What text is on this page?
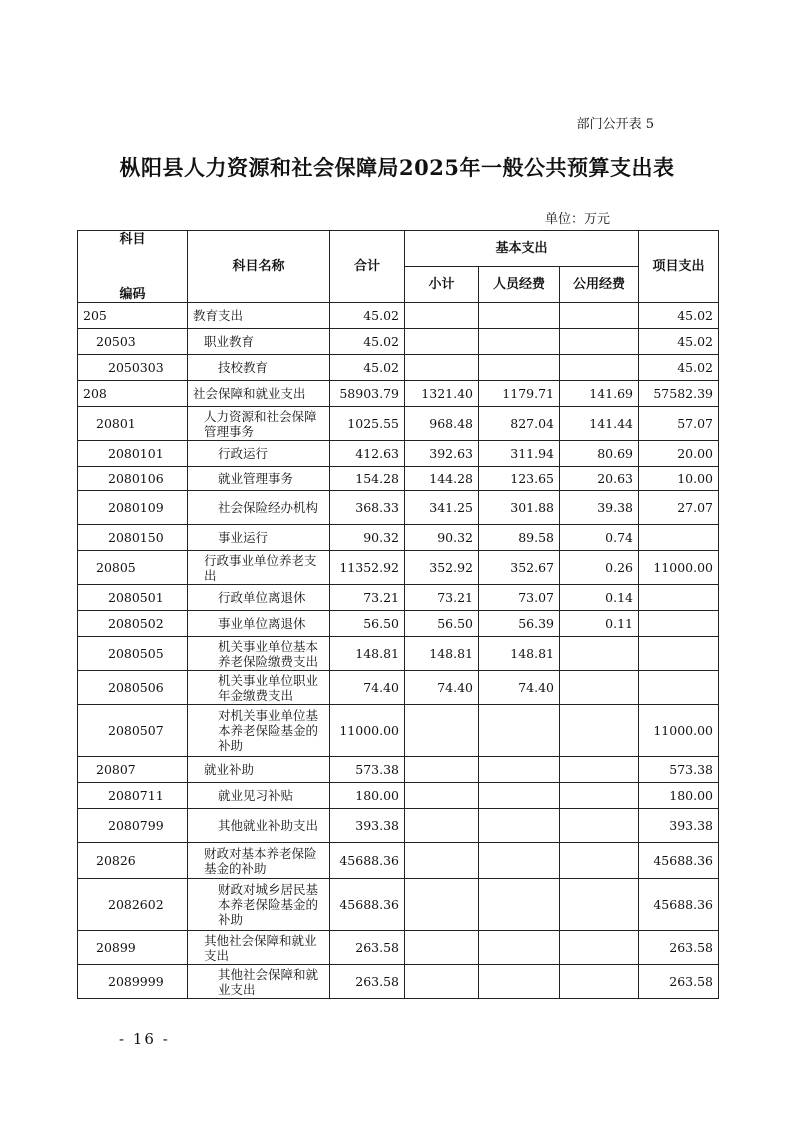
部门公开表 5
枞阳县人力资源和社会保障局2025年一般公共预算支出表
单位：万元
科目
编码	科目名称	合计	基本支出			项目支出
			小计	人员经费	公用经费	
205	教育支出	45.02				45.02
20503	职业教育	45.02				45.02
2050303	技校教育	45.02				45.02
208	社会保障和就业支出	58903.79	1321.40	1179.71	141.69	57582.39
20801	人力资源和社会保障管理事务	1025.55	968.48	827.04	141.44	57.07
2080101	行政运行	412.63	392.63	311.94	80.69	20.00
2080106	就业管理事务	154.28	144.28	123.65	20.63	10.00
2080109	社会保险经办机构	368.33	341.25	301.88	39.38	27.07
2080150	事业运行	90.32	90.32	89.58	0.74	
20805	行政事业单位养老支出	11352.92	352.92	352.67	0.26	11000.00
2080501	行政单位离退休	73.21	73.21	73.07	0.14	
2080502	事业单位离退休	56.50	56.50	56.39	0.11	
2080505	机关事业单位基本养老保险缴费支出	148.81	148.81	148.81		
2080506	机关事业单位职业年金缴费支出	74.40	74.40	74.40		
2080507	对机关事业单位基本养老保险基金的补助	11000.00				11000.00
20807	就业补助	573.38				573.38
2080711	就业见习补贴	180.00				180.00
2080799	其他就业补助支出	393.38				393.38
20826	财政对基本养老保险基金的补助	45688.36				45688.36
2082602	财政对城乡居民基本养老保险基金的补助	45688.36				45688.36
20899	其他社会保障和就业支出	263.58				263.58
2089999	其他社会保障和就业支出	263.58				263.58
- 16 -
